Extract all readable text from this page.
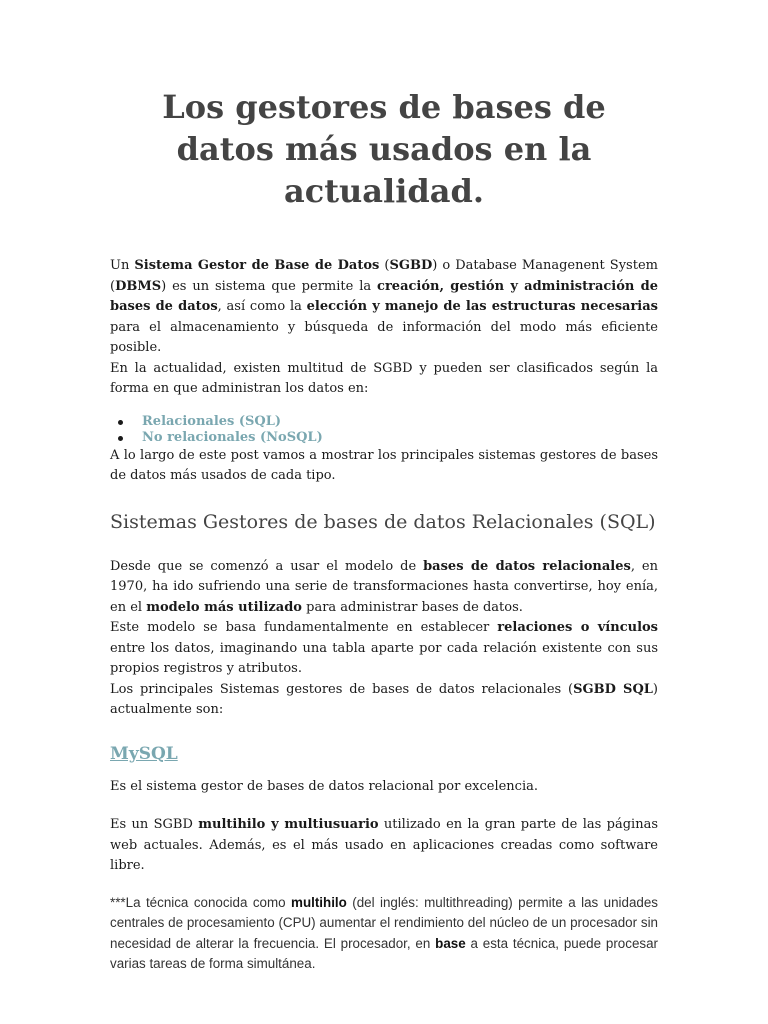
Los gestores de bases de datos más usados en la actualidad.

Un Sistema Gestor de Base de Datos (SGBD) o Database Managenent System (DBMS) es un sistema que permite la creación, gestión y administración de bases de datos, así como la elección y manejo de las estructuras necesarias para el almacenamiento y búsqueda de información del modo más eficiente posible.

En la actualidad, existen multitud de SGBD y pueden ser clasificados según la forma en que administran los datos en:

Relacionales (SQL)
No relacionales (NoSQL)

A lo largo de este post vamos a mostrar los principales sistemas gestores de bases de datos más usados de cada tipo.

Sistemas Gestores de bases de datos Relacionales (SQL)

Desde que se comenzó a usar el modelo de bases de datos relacionales, en 1970, ha ido sufriendo una serie de transformaciones hasta convertirse, hoy enía, en el modelo más utilizado para administrar bases de datos.

Este modelo se basa fundamentalmente en establecer relaciones o vínculos entre los datos, imaginando una tabla aparte por cada relación existente con sus propios registros y atributos.

Los principales Sistemas gestores de bases de datos relacionales (SGBD SQL) actualmente son:

MySQL

Es el sistema gestor de bases de datos relacional por excelencia.

Es un SGBD multihilo y multiusuario utilizado en la gran parte de las páginas web actuales. Además, es el más usado en aplicaciones creadas como software libre.

***La técnica conocida como multihilo (del inglés: multithreading) permite a las unidades centrales de procesamiento (CPU) aumentar el rendimiento del núcleo de un procesador sin necesidad de alterar la frecuencia. El procesador, en base a esta técnica, puede procesar varias tareas de forma simultánea.
